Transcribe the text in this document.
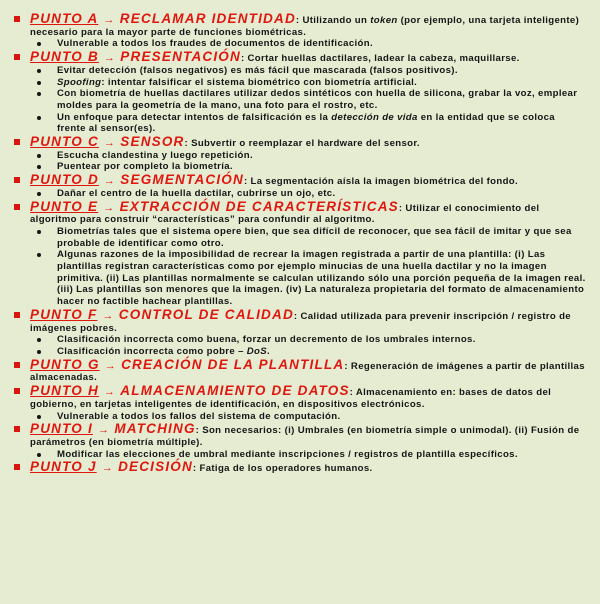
PUNTO A → RECLAMAR IDENTIDAD: Utilizando un token (por ejemplo, una tarjeta inteligente) necesario para la mayor parte de funciones biométricas.
Vulnerable a todos los fraudes de documentos de identificación.
PUNTO B → PRESENTACIÓN: Cortar huellas dactilares, ladear la cabeza, maquillarse.
Evitar detección (falsos negativos) es más fácil que mascarada (falsos positivos).
Spoofing: intentar falsificar el sistema biométrico con biometría artificial.
Con biometría de huellas dactilares utilizar dedos sintéticos con huella de silicona, grabar la voz, emplear moldes para la geometría de la mano, una foto para el rostro, etc.
Un enfoque para detectar intentos de falsificación es la detección de vida en la entidad que se coloca frente al sensor(es).
PUNTO C → SENSOR: Subvertir o reemplazar el hardware del sensor.
Escucha clandestina y luego repetición.
Puentear por completo la biometría.
PUNTO D → SEGMENTACIÓN: La segmentación aísla la imagen biométrica del fondo.
Dañar el centro de la huella dactilar, cubrirse un ojo, etc.
PUNTO E → EXTRACCIÓN DE CARACTERÍSTICAS: Utilizar el conocimiento del algoritmo para construir “características” para confundir al algoritmo.
Biometrías tales que el sistema opere bien, que sea difícil de reconocer, que sea fácil de imitar y que sea probable de identificar como otro.
Algunas razones de la imposibilidad de recrear la imagen registrada a partir de una plantilla: (i) Las plantillas registran características como por ejemplo minucias de una huella dactilar y no la imagen primitiva. (ii) Las plantillas normalmente se calculan utilizando sólo una porción pequeña de la imagen real. (iii) Las plantillas son menores que la imagen. (iv) La naturaleza propietaria del formato de almacenamiento hacer no factible hachear plantillas.
PUNTO F → CONTROL DE CALIDAD: Calidad utilizada para prevenir inscripción / registro de imágenes pobres.
Clasificación incorrecta como buena, forzar un decremento de los umbrales internos.
Clasificación incorrecta como pobre – DoS.
PUNTO G → CREACIÓN DE LA PLANTILLA: Regeneración de imágenes a partir de plantillas almacenadas.
PUNTO H → ALMACENAMIENTO DE DATOS: Almacenamiento en: bases de datos del gobierno, en tarjetas inteligentes de identificación, en dispositivos electrónicos.
Vulnerable a todos los fallos del sistema de computación.
PUNTO I → MATCHING: Son necesarios: (i) Umbrales (en biometría simple o unimodal). (ii) Fusión de parámetros (en biometría múltiple).
Modificar las elecciones de umbral mediante inscripciones / registros de plantilla específicos.
PUNTO J → DECISIÓN: Fatiga de los operadores humanos.
